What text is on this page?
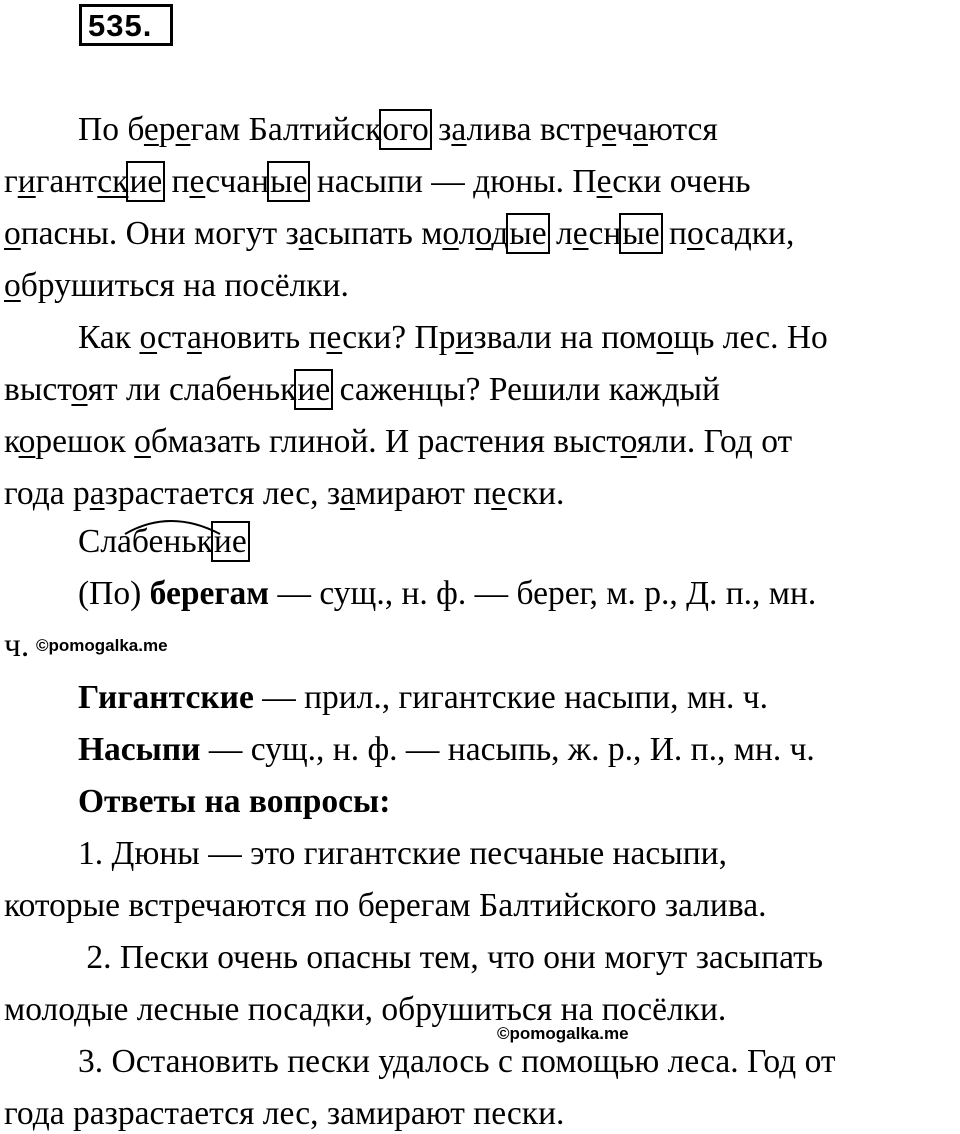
535.
По берегам Балтийского залива встречаются
гигантские песчаные насыпи — дюны. Пески очень
опасны. Они могут засыпать молодые лесные посадки,
обрушиться на посёлки.
Как остановить пески? Призвали на помощь лес. Но
выстоят ли слабенькие саженцы? Решили каждый
корешок обмазать глиной. И растения выстояли. Год от
года разрастается лес, замирают пески.
Слабенькие
(По) берегам — сущ., н. ф. — берег, м. р., Д. п., мн.
ч. ©pomogalka.me
Гигантские — прил., гигантские насыпи, мн. ч.
Насыпи — сущ., н. ф. — насыпь, ж. р., И. п., мн. ч.
Ответы на вопросы:
1. Дюны — это гигантские песчаные насыпи,
которые встречаются по берегам Балтийского залива.
2. Пески очень опасны тем, что они могут засыпать
молодые лесные посадки, обрушиться на посёлки.
©pomogalka.me
3. Остановить пески удалось с помощью леса. Год от
года разрастается лес, замирают пески.
